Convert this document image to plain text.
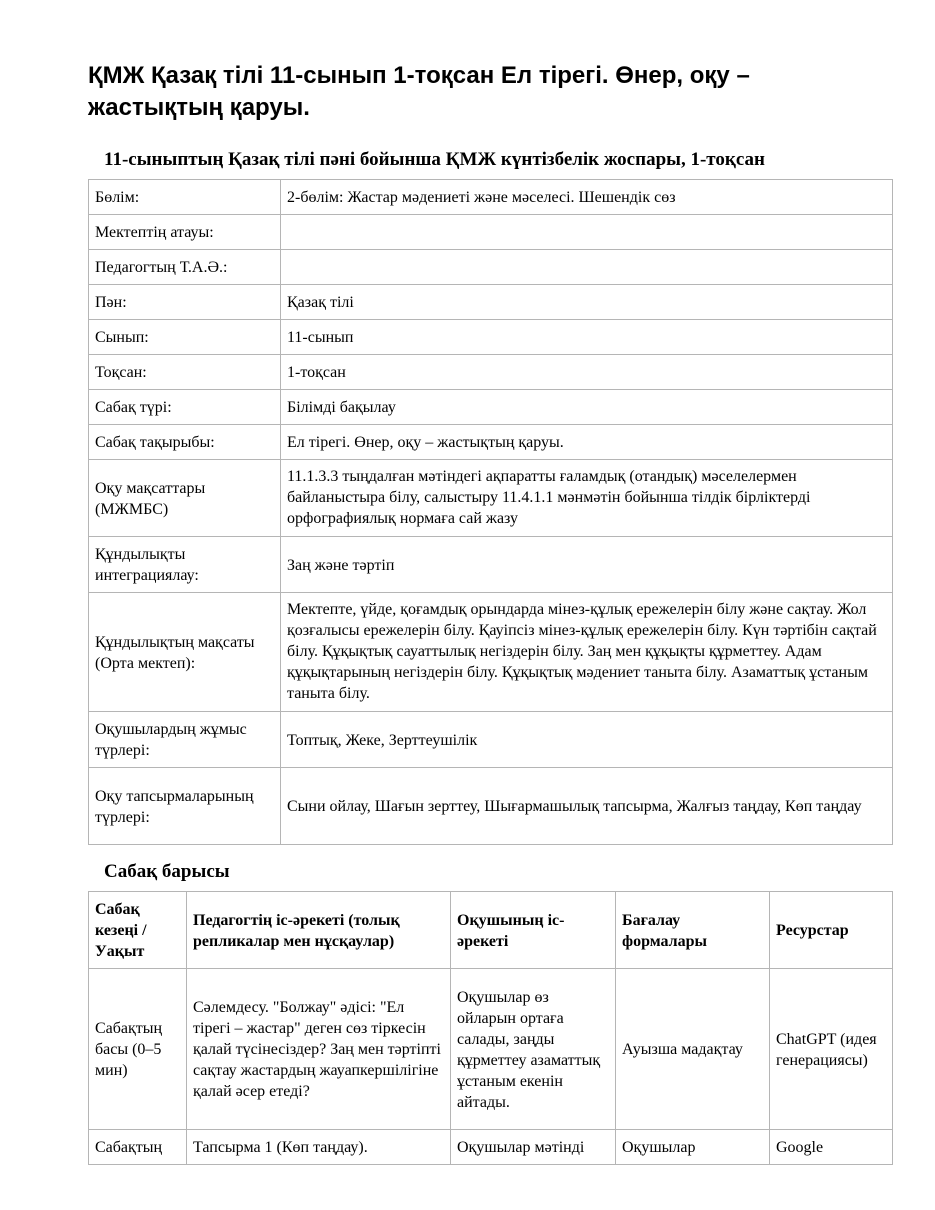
ҚМЖ Қазақ тілі 11-сынып 1-тоқсан Ел тірегі. Өнер, оқу – жастықтың қаруы.
11-сыныптың Қазақ тілі пәні бойынша ҚМЖ күнтізбелік жоспары, 1-тоқсан
Бөлім:	2-бөлім: Жастар мәдениеті және мәселесі. Шешендік сөз
Мектептің атауы:	
Педагогтың Т.А.Ә.:	
Пән:	Қазақ тілі
Сынып:	11-сынып
Тоқсан:	1-тоқсан
Сабақ түрі:	Білімді бақылау
Сабақ тақырыбы:	Ел тірегі. Өнер, оқу – жастықтың қаруы.
Оқу мақсаттары (МЖМБС)	11.1.3.3 тыңдалған мәтіндегі ақпаратты ғаламдық (отандық) мәселелермен байланыстыра білу, салыстыру 11.4.1.1 мәнмәтін бойынша тілдік бірліктерді орфографиялық нормаға сай жазу
Құндылықты интеграциялау:	Заң және тәртіп
Құндылықтың мақсаты (Орта мектеп):	Мектепте, үйде, қоғамдық орындарда мінез-құлық ережелерін білу және сақтау. Жол қозғалысы ережелерін білу. Қауіпсіз мінез-құлық ережелерін білу. Күн тәртібін сақтай білу. Құқықтық сауаттылық негіздерін білу. Заң мен құқықты құрметтеу. Адам құқықтарының негіздерін білу. Құқықтық мәдениет таныта білу. Азаматтық ұстаным таныта білу.
Оқушылардың жұмыс түрлері:	Топтық, Жеке, Зерттеушілік
Оқу тапсырмаларының түрлері:	Сыни ойлау, Шағын зерттеу, Шығармашылық тапсырма, Жалғыз таңдау, Көп таңдау
Сабақ барысы
Сабақ кезеңі / Уақыт	Педагогтің іс-әрекеті (толық репликалар мен нұсқаулар)	Оқушының іс-әрекеті	Бағалау формалары	Ресурстар
Сабақтың басы (0–5 мин)	Сәлемдесу. "Болжау" әдісі: "Ел тірегі – жастар" деген сөз тіркесін қалай түсінесіздер? Заң мен тәртіпті сақтау жастардың жауапкершілігіне қалай әсер етеді?	Оқушылар өз ойларын ортаға салады, заңды құрметтеу азаматтық ұстаным екенін айтады.	Ауызша мадақтау	ChatGPT (идея генерациясы)
Сабақтың	Тапсырма 1 (Көп таңдау).	Оқушылар мәтінді	Оқушылар	Google
